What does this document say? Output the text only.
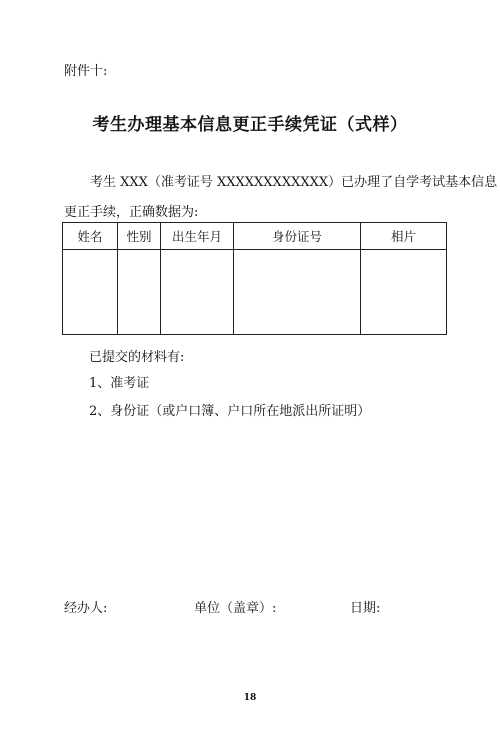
附件十:
考生办理基本信息更正手续凭证（式样）
考生 XXX（准考证号 XXXXXXXXXXXX）已办理了自学考试基本信息
更正手续，正确数据为:
姓名	性别	出生年月	身份证号	相片

已提交的材料有:
1、准考证
2、身份证（或户口簿、户口所在地派出所证明）
经办人:	单位（盖章）:	日期:
18
